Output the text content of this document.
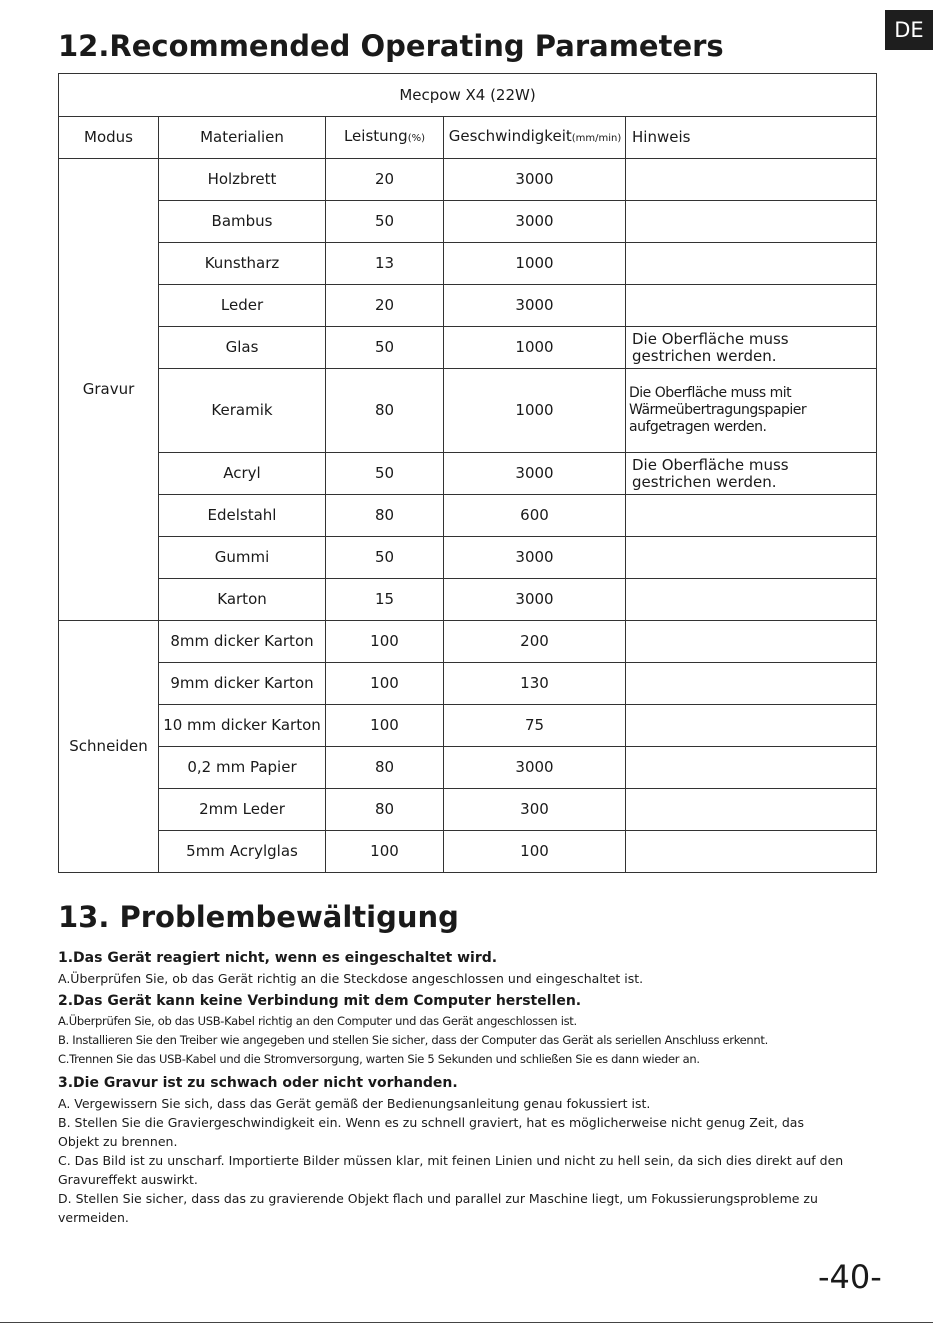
DE
12.Recommended Operating Parameters
Mecpow X4 (22W)				
Modus	Materialien	Leistung(%)	Geschwindigkeit(mm/min)	Hinweis
Gravur	Holzbrett	20	3000	
	Bambus	50	3000	
	Kunstharz	13	1000	
	Leder	20	3000	
	Glas	50	1000	Die Oberfläche muss gestrichen werden.
	Keramik	80	1000	Die Oberfläche muss mit Wärmeübertragungspapier aufgetragen werden.
	Acryl	50	3000	Die Oberfläche muss gestrichen werden.
	Edelstahl	80	600	
	Gummi	50	3000	
	Karton	15	3000	
Schneiden	8mm dicker Karton	100	200	
	9mm dicker Karton	100	130	
	10 mm dicker Karton	100	75	
	0,2 mm Papier	80	3000	
	2mm Leder	80	300	
	5mm Acrylglas	100	100	
13. Problembewältigung
1.Das Gerät reagiert nicht, wenn es eingeschaltet wird.
A.Überprüfen Sie, ob das Gerät richtig an die Steckdose angeschlossen und eingeschaltet ist.
2.Das Gerät kann keine Verbindung mit dem Computer herstellen.
A.Überprüfen Sie, ob das USB-Kabel richtig an den Computer und das Gerät angeschlossen ist.
B. Installieren Sie den Treiber wie angegeben und stellen Sie sicher, dass der Computer das Gerät als seriellen Anschluss erkennt.
C.Trennen Sie das USB-Kabel und die Stromversorgung, warten Sie 5 Sekunden und schließen Sie es dann wieder an.
3.Die Gravur ist zu schwach oder nicht vorhanden.
A. Vergewissern Sie sich, dass das Gerät gemäß der Bedienungsanleitung genau fokussiert ist.
B. Stellen Sie die Graviergeschwindigkeit ein. Wenn es zu schnell graviert, hat es möglicherweise nicht genug Zeit, das Objekt zu brennen.
C. Das Bild ist zu unscharf. Importierte Bilder müssen klar, mit feinen Linien und nicht zu hell sein, da sich dies direkt auf den Gravureffekt auswirkt.
D. Stellen Sie sicher, dass das zu gravierende Objekt flach und parallel zur Maschine liegt, um Fokussierungsprobleme zu vermeiden.
-40-
